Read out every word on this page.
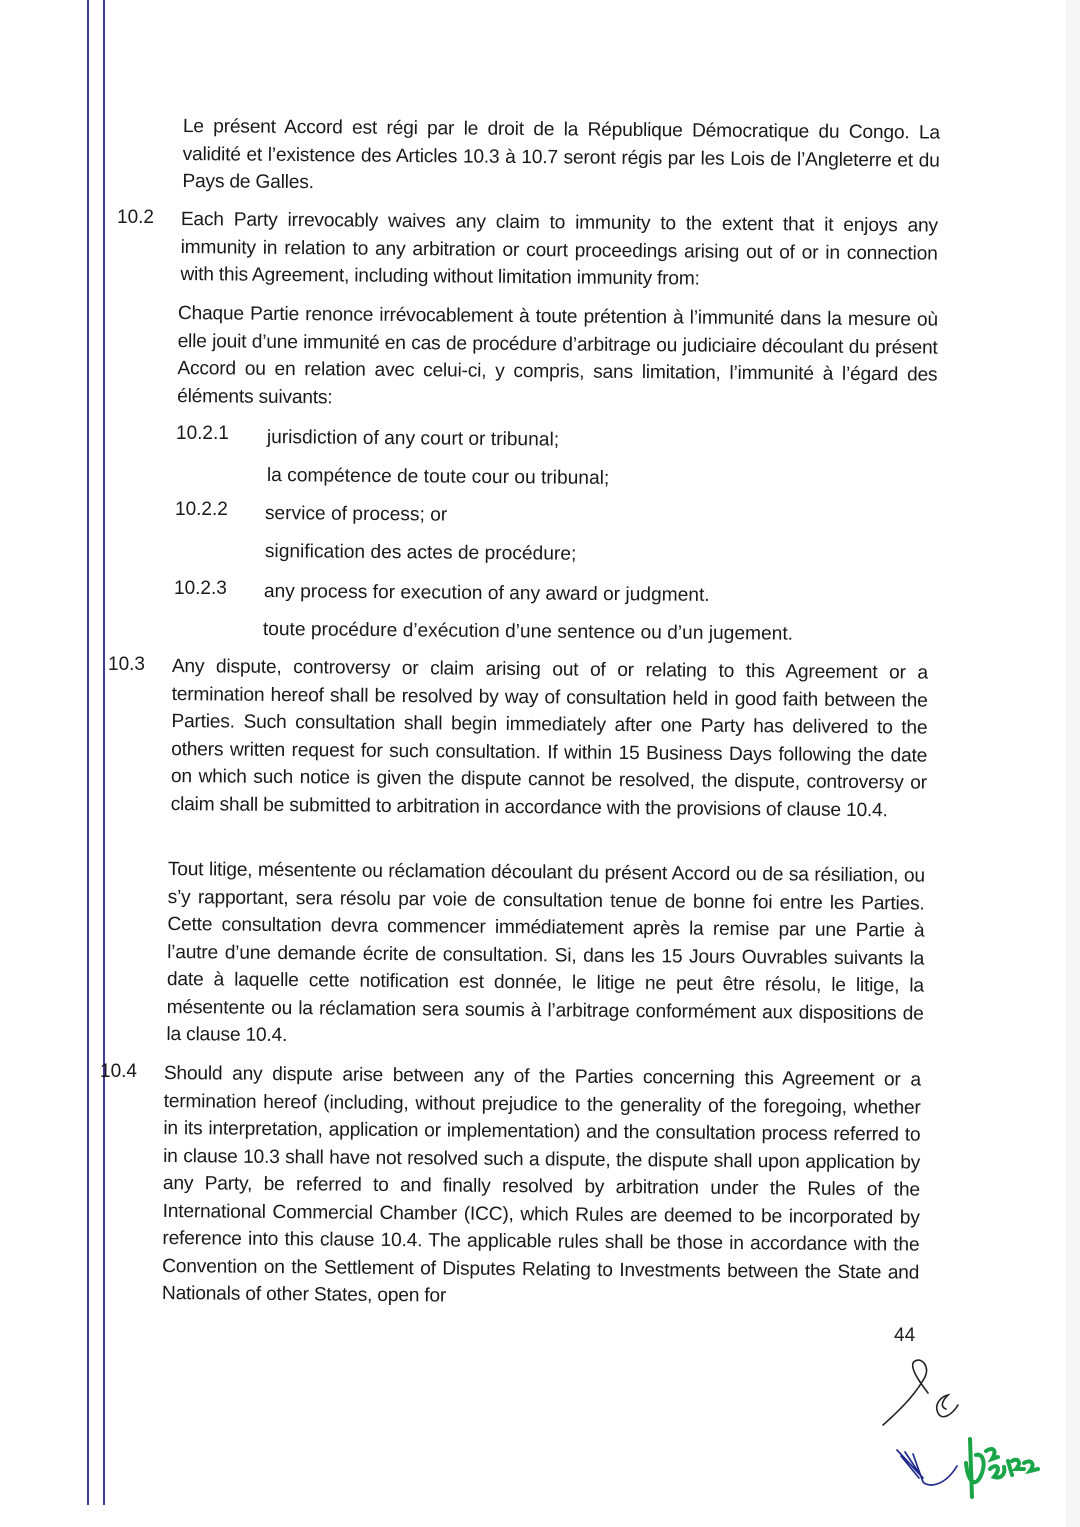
Le présent Accord est régi par le droit de la République Démocratique du Congo. La validité et l’existence des Articles 10.3 à 10.7 seront régis par les Lois de l’Angleterre et du Pays de Galles.

10.2 Each Party irrevocably waives any claim to immunity to the extent that it enjoys any immunity in relation to any arbitration or court proceedings arising out of or in connection with this Agreement, including without limitation immunity from:

Chaque Partie renonce irrévocablement à toute prétention à l’immunité dans la mesure où elle jouit d’une immunité en cas de procédure d’arbitrage ou judiciaire découlant du présent Accord ou en relation avec celui-ci, y compris, sans limitation, l’immunité à l’égard des éléments suivants:

10.2.1 jurisdiction of any court or tribunal;
la compétence de toute cour ou tribunal;
10.2.2 service of process; or
signification des actes de procédure;
10.2.3 any process for execution of any award or judgment.
toute procédure d’exécution d’une sentence ou d’un jugement.
10.3 Any dispute, controversy or claim arising out of or relating to this Agreement or a termination hereof shall be resolved by way of consultation held in good faith between the Parties. Such consultation shall begin immediately after one Party has delivered to the others written request for such consultation. If within 15 Business Days following the date on which such notice is given the dispute cannot be resolved, the dispute, controversy or claim shall be submitted to arbitration in accordance with the provisions of clause 10.4.

Tout litige, mésentente ou réclamation découlant du présent Accord ou de sa résiliation, ou s’y rapportant, sera résolu par voie de consultation tenue de bonne foi entre les Parties. Cette consultation devra commencer immédiatement après la remise par une Partie à l’autre d’une demande écrite de consultation. Si, dans les 15 Jours Ouvrables suivants la date à laquelle cette notification est donnée, le litige ne peut être résolu, le litige, la mésentente ou la réclamation sera soumis à l’arbitrage conformément aux dispositions de la clause 10.4.

10.4 Should any dispute arise between any of the Parties concerning this Agreement or a termination hereof (including, without prejudice to the generality of the foregoing, whether in its interpretation, application or implementation) and the consultation process referred to in clause 10.3 shall have not resolved such a dispute, the dispute shall upon application by any Party, be referred to and finally resolved by arbitration under the Rules of the International Commercial Chamber (ICC), which Rules are deemed to be incorporated by reference into this clause 10.4. The applicable rules shall be those in accordance with the Convention on the Settlement of Disputes Relating to Investments between the State and Nationals of other States, open for

44
